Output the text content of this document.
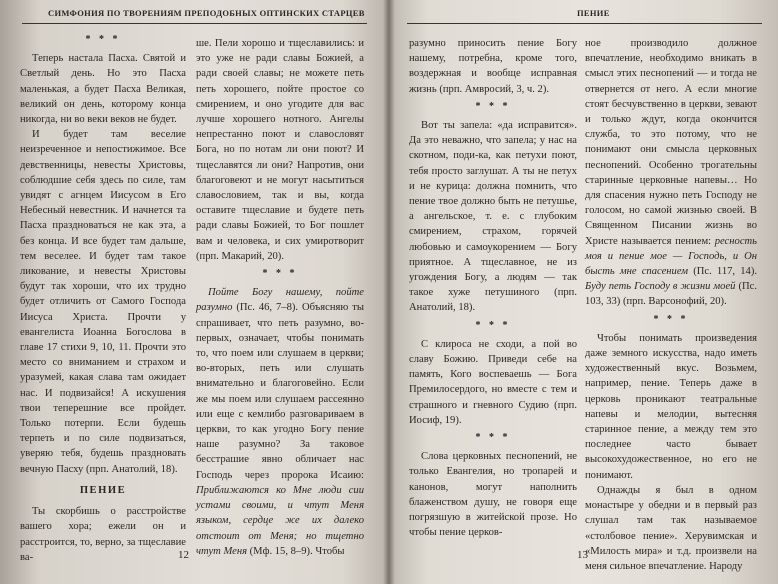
СИМФОНИЯ ПО ТВОРЕНИЯМ ПРЕПОДОБНЫХ ОПТИНСКИХ СТАРЦЕВ
* * *

Теперь настала Пасха. Святой и Светлый день. Но это Пасха маленькая, а будет Пасха Великая, великий он день, которому конца никогда, ни во веки веков не будет.

И будет там веселие неизреченное и непостижимое. Все девственницы, невесты Христовы, соблюдшие себя здесь по силе, там увидят с агнцем Иисусом в Его Небесный невестник. И начнется та Пасха праздноваться не как эта, а без конца. И все будет там дальше, тем веселее. И будет там такое ликование, и невесты Христовы будут так хороши, что их трудно будет отличить от Самого Господа Иисуса Христа. Прочти у евангелиста Иоанна Богослова в главе 17 стихи 9, 10, 11. Прочти это место со вниманием и страхом и уразумей, какая слава там ожидает нас. И подвизайся! А искушения твои теперешние все пройдет. Только потерпи. Если будешь терпеть и по силе подвизаться, уверяю тебя, будешь праздновать вечную Пасху (прп. Анатолий, 18).

ПЕНИЕ

Ты скорбишь о расстройстве вашего хора; ежели он и расстроится, то, верно, за тщеславие ва-

ше. Пели хорошо и тщеславились: и это уже не ради славы Божией, а ради своей славы; не можете петь петь хорошего, пойте простое со смирением, и оно угодите для вас лучше хорошего нотного. Ангелы непрестанно поют и славословят Бога, но по нотам ли они поют? И тщеславятся ли они? Напротив, они благоговеют и не могут насытиться славословием, так и вы, когда оставите тщеславие и будете петь ради славы Божией, то Бог пошлет вам и человека, и сих умиротворит (прп. Макарий, 20).

* * *

Пойте Богу нашему, пойте разумно (Пс. 46, 7–8). Объясняю ты спрашивает, что петь разумно, во-первых, означает, чтобы понимать то, что поем или слушаем в церкви; во-вторых, петь или слушать внимательно и благоговейно. Если же мы поем или слушаем рассеянно или еще с кемлибо разговариваем в церкви, то как угодно Богу пение наше разумно? За таковое бесстрашие явно обличает нас Господь через пророка Исаию: Приближаются ко Мне люди сии устами своими, и чтут Меня языком, сердце же их далеко отстоит от Меня; но тщетно чтут Меня (Мф. 15, 8–9). Чтобы

12
ПЕНИЕ

разумно приносить пение Богу нашему, потребна, кроме того, воздержная и вообще исправная жизнь (прп. Амвросий, 3, ч. 2).

* * *

Вот ты запела: «да исправится». Да это неважно, что запела; у нас на скотном, поди-ка, как петухи поют, тебя просто заглушат. А ты не петух и не курица: должна помнить, что пение твое должно быть не петушье, а ангельское, т. е. с глубоким смирением, страхом, горячей любовью и самоукорением — Богу приятное. А тщеславное, не из угождения Богу, а людям — так такое хуже петушиного (прп. Анатолий, 18).

* * *

С клироса не сходи, а пой во славу Божию. Приведи себе на память, Кого воспеваешь — Бога Премилосердого, но вместе с тем и страшного и гневного Судию (прп. Иосиф, 19).

* * *

Слова церковных песнопений, не только Евангелия, но тропарей и канонов, могут наполнить блаженством душу, не говоря еще погрязшую в житейской прозе. Но чтобы пение церков-

ное производило должное впечатление, необходимо вникать в смысл этих песнопений — и тогда не отвернется от него. А если многие стоят бесчувственно в церкви, зевают и только ждут, когда окончится служба, то это потому, что не понимают они смысла церковных песнопений. Особенно трогательны старинные церковные напевы… Но для спасения нужно петь Господу не голосом, но самой жизнью своей. В Священном Писании жизнь во Христе называется пением: ресность моя и пение мое — Господь, и Он бысть мне спасением (Пс. 117, 14). Буду петь Господу в жизни моей (Пс. 103, 33) (прп. Варсонофий, 20).

* * *

Чтобы понимать произведения даже земного искусства, надо иметь художественный вкус. Возьмем, например, пение. Теперь даже в церковь проникают театральные напевы и мелодии, вытесняя старинное пение, а между тем это последнее часто бывает высокохудожественное, но его не понимают.

Однажды я был в одном монастыре у обедни и в первый раз слушал там так называемое «столбовое пение». Херувимская и «Милость мира» и т.д. произвели на меня сильное впечатление. Народу

13
